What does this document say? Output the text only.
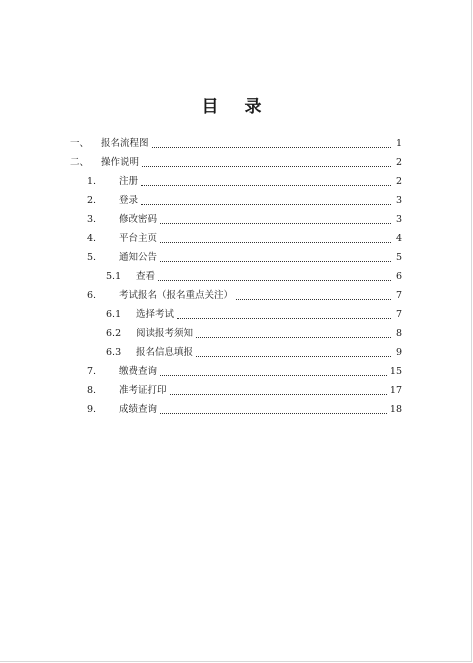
目 录
一、	报名流程图	1
二、	操作说明	2
1.	注册	2
2.	登录	3
3.	修改密码	3
4.	平台主页	4
5.	通知公告	5
5.1	查看	6
6.	考试报名（报名重点关注）	7
6.1	选择考试	7
6.2	阅读报考须知	8
6.3	报名信息填报	9
7.	缴费查询	15
8.	准考证打印	17
9.	成绩查询	18
